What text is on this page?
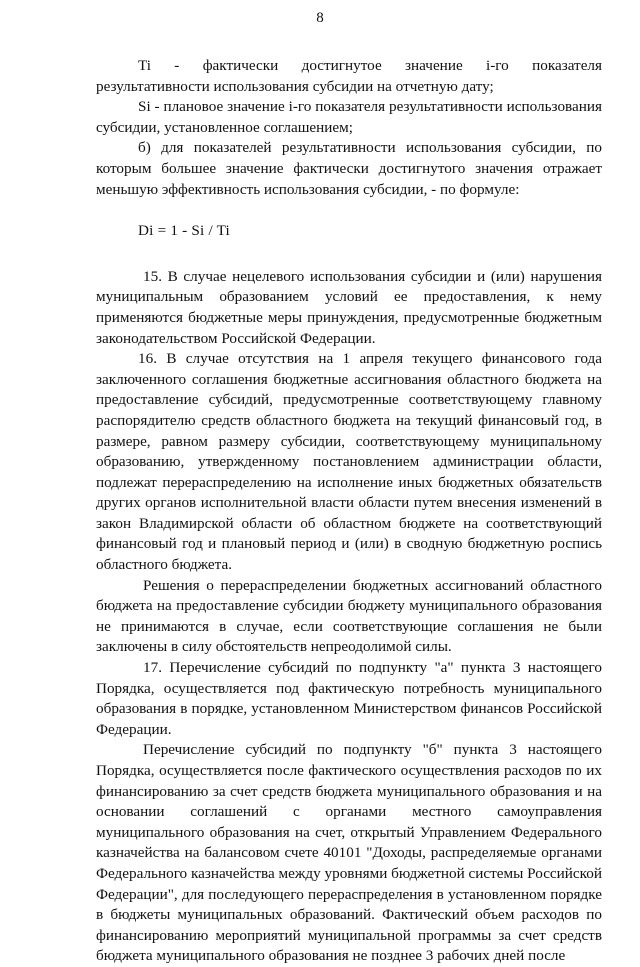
8

Ti - фактически достигнутое значение i-го показателя результативности использования субсидии на отчетную дату;

Si - плановое значение i-го показателя результативности использования субсидии, установленное соглашением;

б) для показателей результативности использования субсидии, по которым большее значение фактически достигнутого значения отражает меньшую эффективность использования субсидии, - по формуле:

Di = 1 - Si / Ti

15. В случае нецелевого использования субсидии и (или) нарушения муниципальным образованием условий ее предоставления, к нему применяются бюджетные меры принуждения, предусмотренные бюджетным законодательством Российской Федерации.

16. В случае отсутствия на 1 апреля текущего финансового года заключенного соглашения бюджетные ассигнования областного бюджета на предоставление субсидий, предусмотренные соответствующему главному распорядителю средств областного бюджета на текущий финансовый год, в размере, равном размеру субсидии, соответствующему муниципальному образованию, утвержденному постановлением администрации области, подлежат перераспределению на исполнение иных бюджетных обязательств других органов исполнительной власти области путем внесения изменений в закон Владимирской области об областном бюджете на соответствующий финансовый год и плановый период и (или) в сводную бюджетную роспись областного бюджета.

Решения о перераспределении бюджетных ассигнований областного бюджета на предоставление субсидии бюджету муниципального образования не принимаются в случае, если соответствующие соглашения не были заключены в силу обстоятельств непреодолимой силы.

17. Перечисление субсидий по подпункту "а" пункта 3 настоящего Порядка, осуществляется под фактическую потребность муниципального образования в порядке, установленном Министерством финансов Российской Федерации.

Перечисление субсидий по подпункту "б" пункта 3 настоящего Порядка, осуществляется после фактического осуществления расходов по их финансированию за счет средств бюджета муниципального образования и на основании соглашений с органами местного самоуправления муниципального образования на счет, открытый Управлением Федерального казначейства на балансовом счете 40101 "Доходы, распределяемые органами Федерального казначейства между уровнями бюджетной системы Российской Федерации", для последующего перераспределения в установленном порядке в бюджеты муниципальных образований. Фактический объем расходов по финансированию мероприятий муниципальной программы за счет средств бюджета муниципального образования не позднее 3 рабочих дней после
